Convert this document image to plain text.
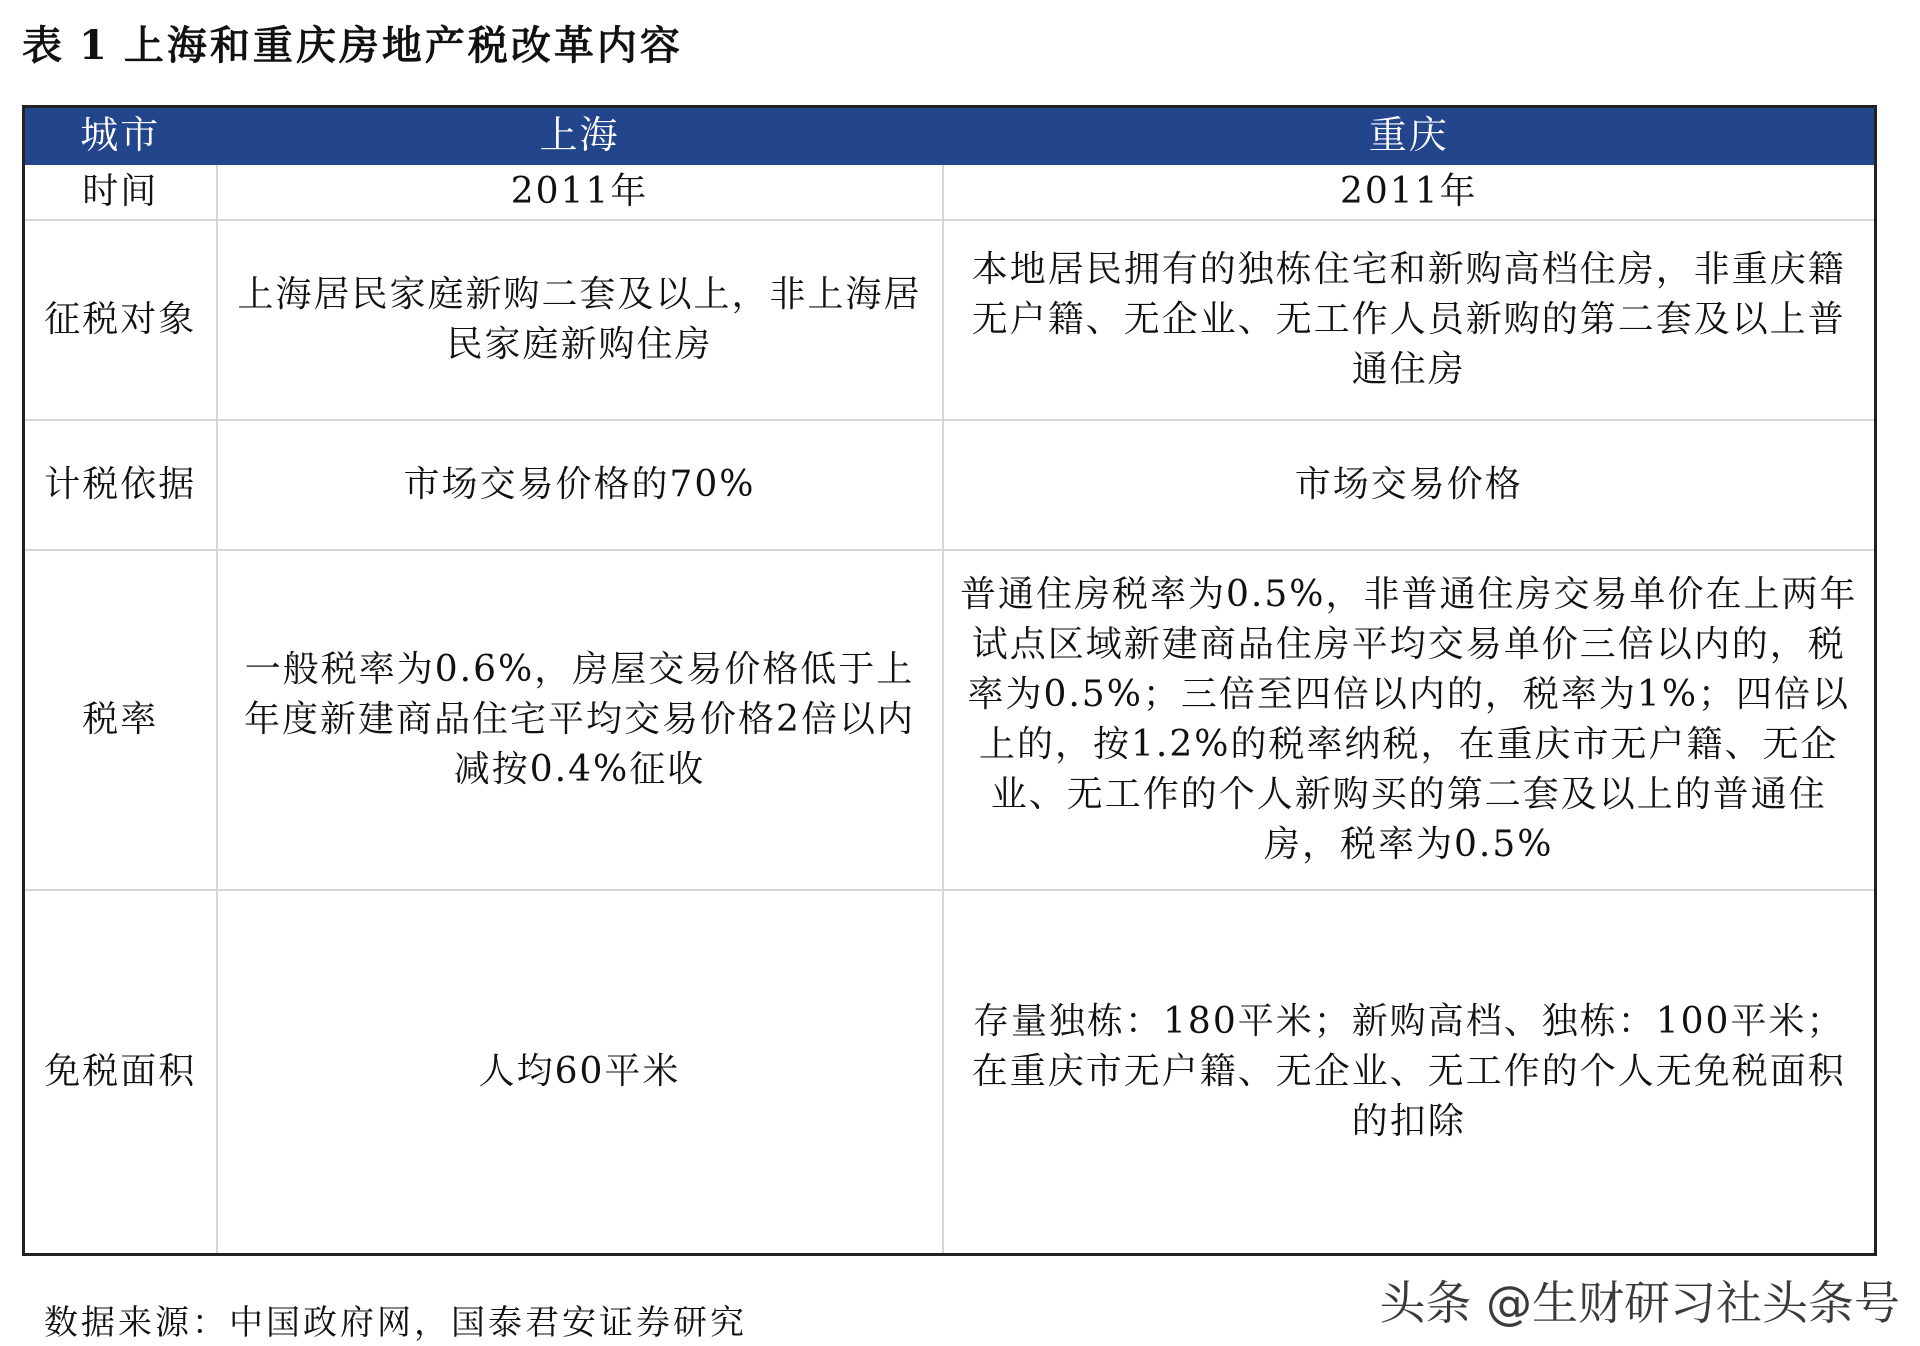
表 1 上海和重庆房地产税改革内容
城市	上海	重庆
时间	2011年	2011年
征税对象	上海居民家庭新购二套及以上，非上海居民家庭新购住房	本地居民拥有的独栋住宅和新购高档住房，非重庆籍无户籍、无企业、无工作人员新购的第二套及以上普通住房
计税依据	市场交易价格的70%	市场交易价格
税率	一般税率为0.6%，房屋交易价格低于上年度新建商品住宅平均交易价格2倍以内减按0.4%征收	普通住房税率为0.5%，非普通住房交易单价在上两年试点区域新建商品住房平均交易单价三倍以内的，税率为0.5%；三倍至四倍以内的，税率为1%；四倍以上的，按1.2%的税率纳税，在重庆市无户籍、无企业、无工作的个人新购买的第二套及以上的普通住房，税率为0.5%
免税面积	人均60平米	存量独栋：180平米；新购高档、独栋：100平米；在重庆市无户籍、无企业、无工作的个人无免税面积的扣除
数据来源：中国政府网，国泰君安证券研究	头条 @生财研习社头条号
